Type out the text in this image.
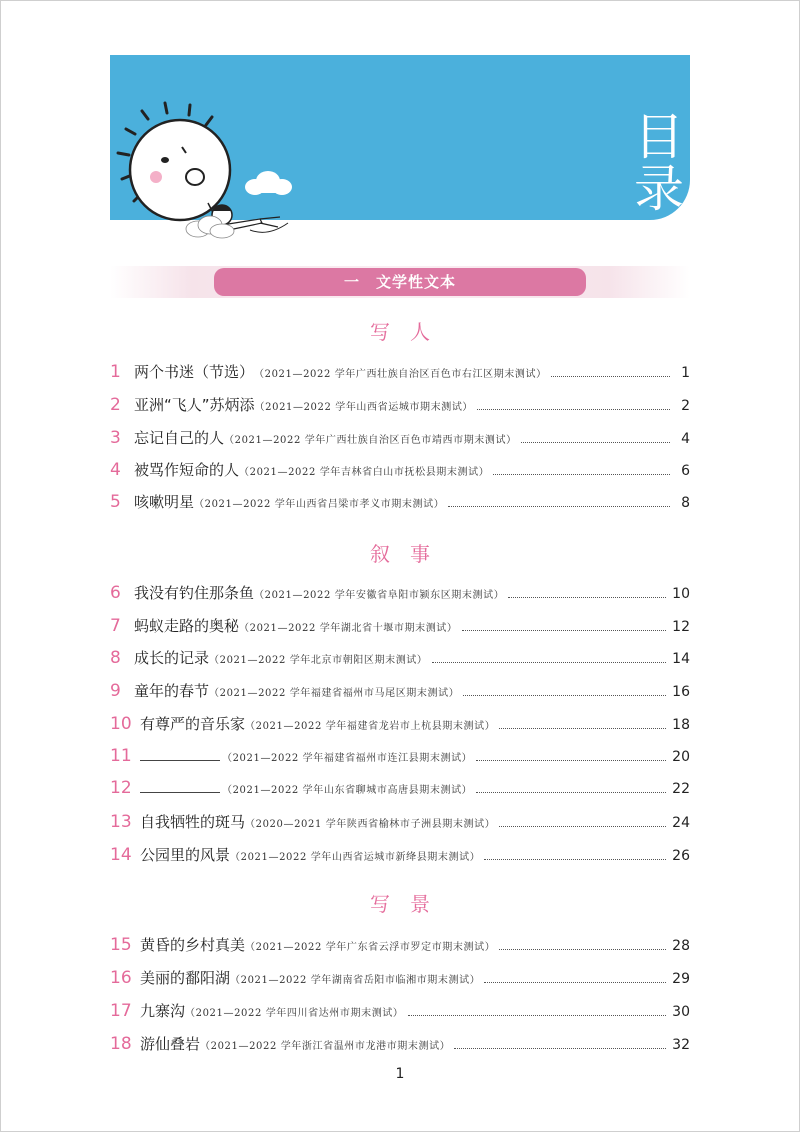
目
录
一　文学性文本
写人
叙事
写景
1 两个书迷（节选） （2021—2022 学年广西壮族自治区百色市右江区期末测试）	1
2 亚洲“飞人”苏炳添 （2021—2022 学年山西省运城市期末测试）	2
3 忘记自己的人 （2021—2022 学年广西壮族自治区百色市靖西市期末测试）	4
4 被骂作短命的人 （2021—2022 学年吉林省白山市抚松县期末测试）	6
5 咳嗽明星 （2021—2022 学年山西省吕梁市孝义市期末测试）	8
6 我没有钓住那条鱼 （2021—2022 学年安徽省阜阳市颍东区期末测试）	10
7 蚂蚁走路的奥秘 （2021—2022 学年湖北省十堰市期末测试）	12
8 成长的记录 （2021—2022 学年北京市朝阳区期末测试）	14
9 童年的春节 （2021—2022 学年福建省福州市马尾区期末测试）	16
10 有尊严的音乐家 （2021—2022 学年福建省龙岩市上杭县期末测试）	18
11	（2021—2022 学年福建省福州市连江县期末测试）	20
12	（2021—2022 学年山东省聊城市高唐县期末测试）	22
13 自我牺牲的斑马 （2020—2021 学年陕西省榆林市子洲县期末测试）	24
14 公园里的风景 （2021—2022 学年山西省运城市新绛县期末测试）	26
15 黄昏的乡村真美 （2021—2022 学年广东省云浮市罗定市期末测试）	28
16 美丽的鄱阳湖 （2021—2022 学年湖南省岳阳市临湘市期末测试）	29
17 九寨沟 （2021—2022 学年四川省达州市期末测试）	30
18 游仙叠岩 （2021—2022 学年浙江省温州市龙港市期末测试）	32
1
